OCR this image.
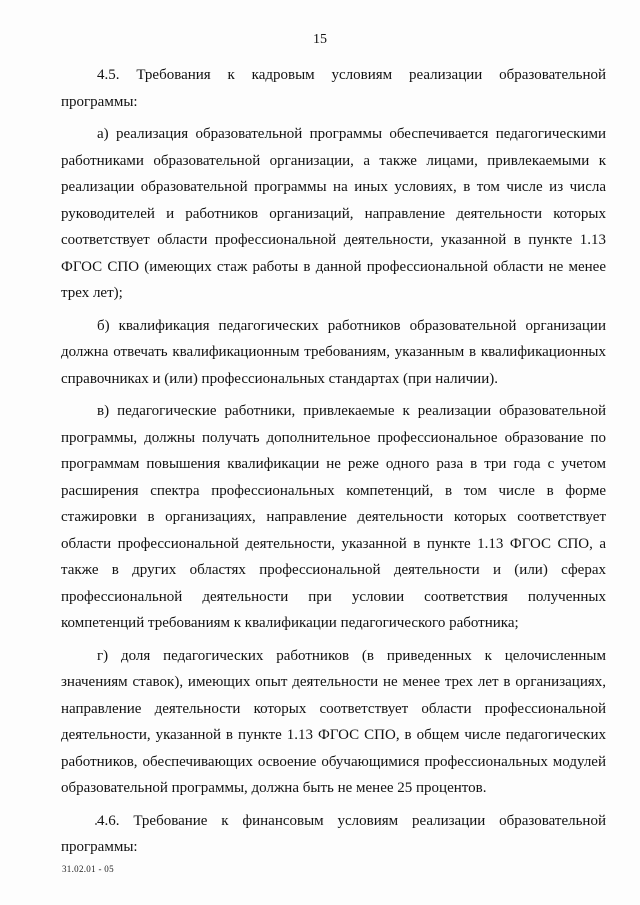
15

4.5. Требования к кадровым условиям реализации образовательной программы:

а) реализация образовательной программы обеспечивается педагогическими работниками образовательной организации, а также лицами, привлекаемыми к реализации образовательной программы на иных условиях, в том числе из числа руководителей и работников организаций, направление деятельности которых соответствует области профессиональной деятельности, указанной в пункте 1.13 ФГОС СПО (имеющих стаж работы в данной профессиональной области не менее трех лет);

б) квалификация педагогических работников образовательной организации должна отвечать квалификационным требованиям, указанным в квалификационных справочниках и (или) профессиональных стандартах (при наличии).

в) педагогические работники, привлекаемые к реализации образовательной программы, должны получать дополнительное профессиональное образование по программам повышения квалификации не реже одного раза в три года с учетом расширения спектра профессиональных компетенций, в том числе в форме стажировки в организациях, направление деятельности которых соответствует области профессиональной деятельности, указанной в пункте 1.13 ФГОС СПО, а также в других областях профессиональной деятельности и (или) сферах профессиональной деятельности при условии соответствия полученных компетенций требованиям к квалификации педагогического работника;

г) доля педагогических работников (в приведенных к целочисленным значениям ставок), имеющих опыт деятельности не менее трех лет в организациях, направление деятельности которых соответствует области профессиональной деятельности, указанной в пункте 1.13 ФГОС СПО, в общем числе педагогических работников, обеспечивающих освоение обучающимися профессиональных модулей образовательной программы, должна быть не менее 25 процентов.

4.6. Требование к финансовым условиям реализации образовательной программы:

31.02.01 - 05
